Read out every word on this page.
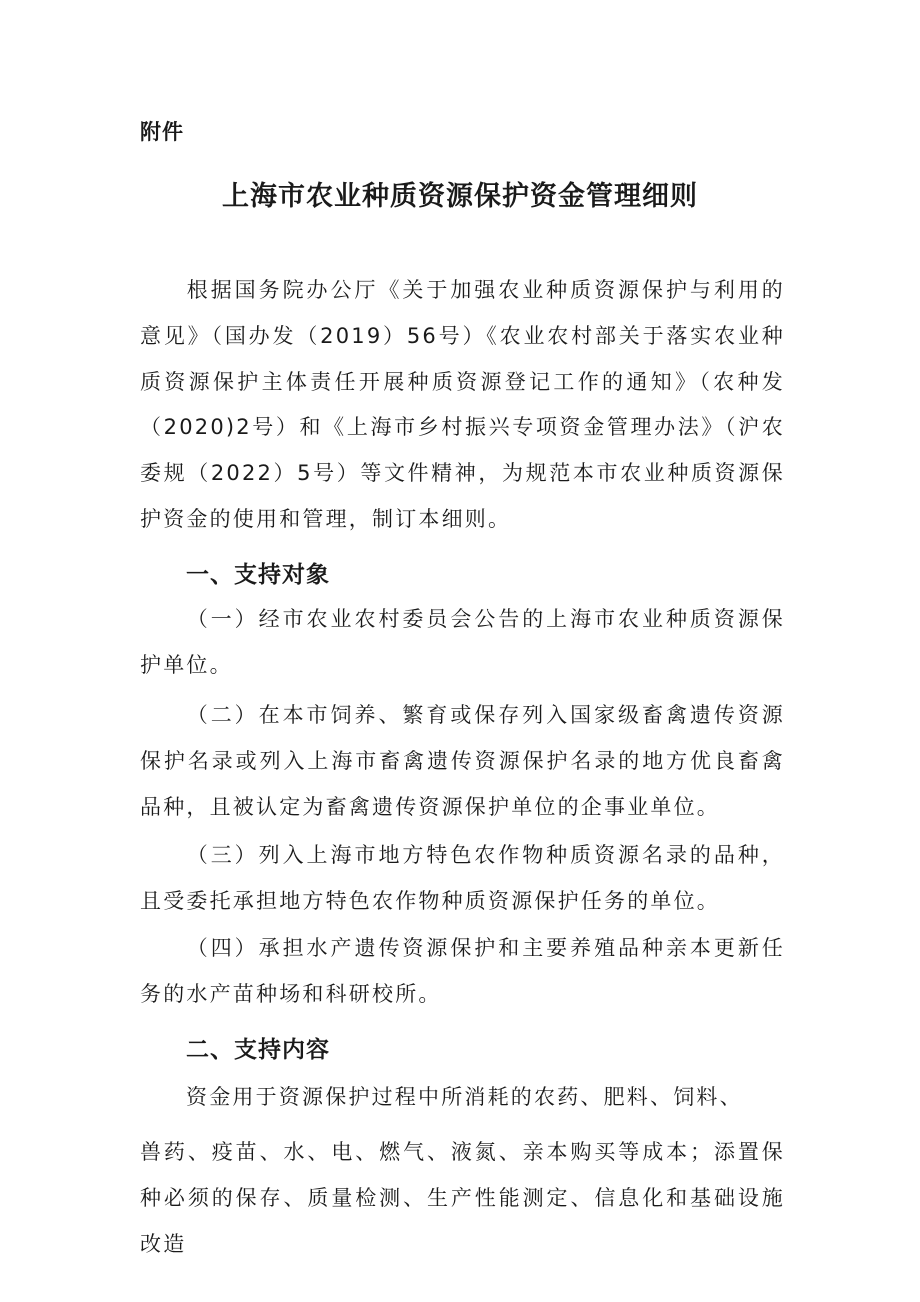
附件
上海市农业种质资源保护资金管理细则
根据国务院办公厅《关于加强农业种质资源保护与利用的意见》（国办发（2019）56号）《农业农村部关于落实农业种质资源保护主体责任开展种质资源登记工作的通知》（农种发（2020)2号）和《上海市乡村振兴专项资金管理办法》（沪农委规（2022）5号）等文件精神，为规范本市农业种质资源保护资金的使用和管理，制订本细则。
一、支持对象
（一）经市农业农村委员会公告的上海市农业种质资源保护单位。
（二）在本市饲养、繁育或保存列入国家级畜禽遗传资源保护名录或列入上海市畜禽遗传资源保护名录的地方优良畜禽品种，且被认定为畜禽遗传资源保护单位的企事业单位。
（三）列入上海市地方特色农作物种质资源名录的品种，且受委托承担地方特色农作物种质资源保护任务的单位。
（四）承担水产遗传资源保护和主要养殖品种亲本更新任务的水产苗种场和科研校所。
二、支持内容
资金用于资源保护过程中所消耗的农药、肥料、饲料、
兽药、疫苗、水、电、燃气、液氮、亲本购买等成本；添置保种必须的保存、质量检测、生产性能测定、信息化和基础设施改造
